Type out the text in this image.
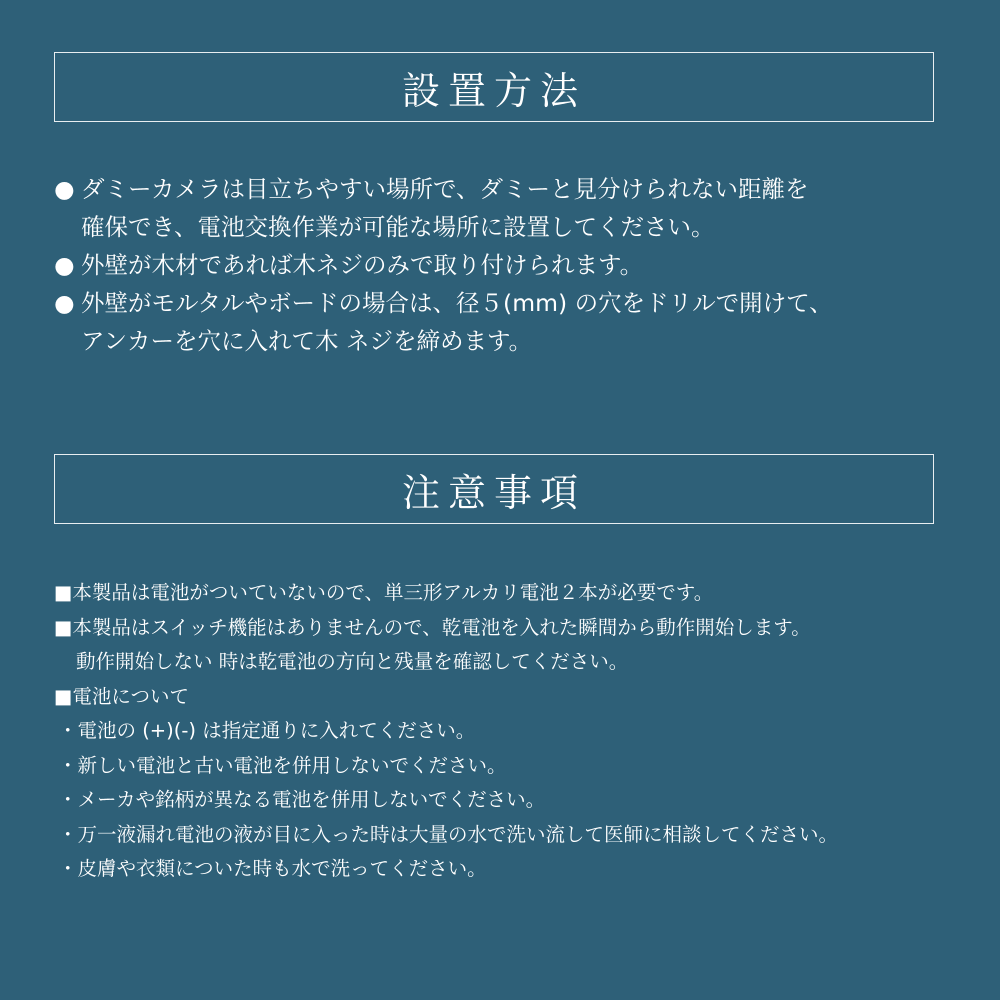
設置方法
● ダミーカメラは目立ちやすい場所で、ダミーと見分けられない距離を
確保でき、電池交換作業が可能な場所に設置してください。
● 外壁が木材であれば木ネジのみで取り付けられます。
● 外壁がモルタルやボードの場合は、径５(mm) の穴をドリルで開けて、
アンカーを穴に入れて木 ネジを締めます。
注意事項
■本製品は電池がついていないので、単三形アルカリ電池２本が必要です。
■本製品はスイッチ機能はありませんので、乾電池を入れた瞬間から動作開始します。
動作開始しない 時は乾電池の方向と残量を確認してください。
■電池について
・電池の (+)(-) は指定通りに入れてください。
・新しい電池と古い電池を併用しないでください。
・メーカや銘柄が異なる電池を併用しないでください。
・万一液漏れ電池の液が目に入った時は大量の水で洗い流して医師に相談してください。
・皮膚や衣類についた時も水で洗ってください。
